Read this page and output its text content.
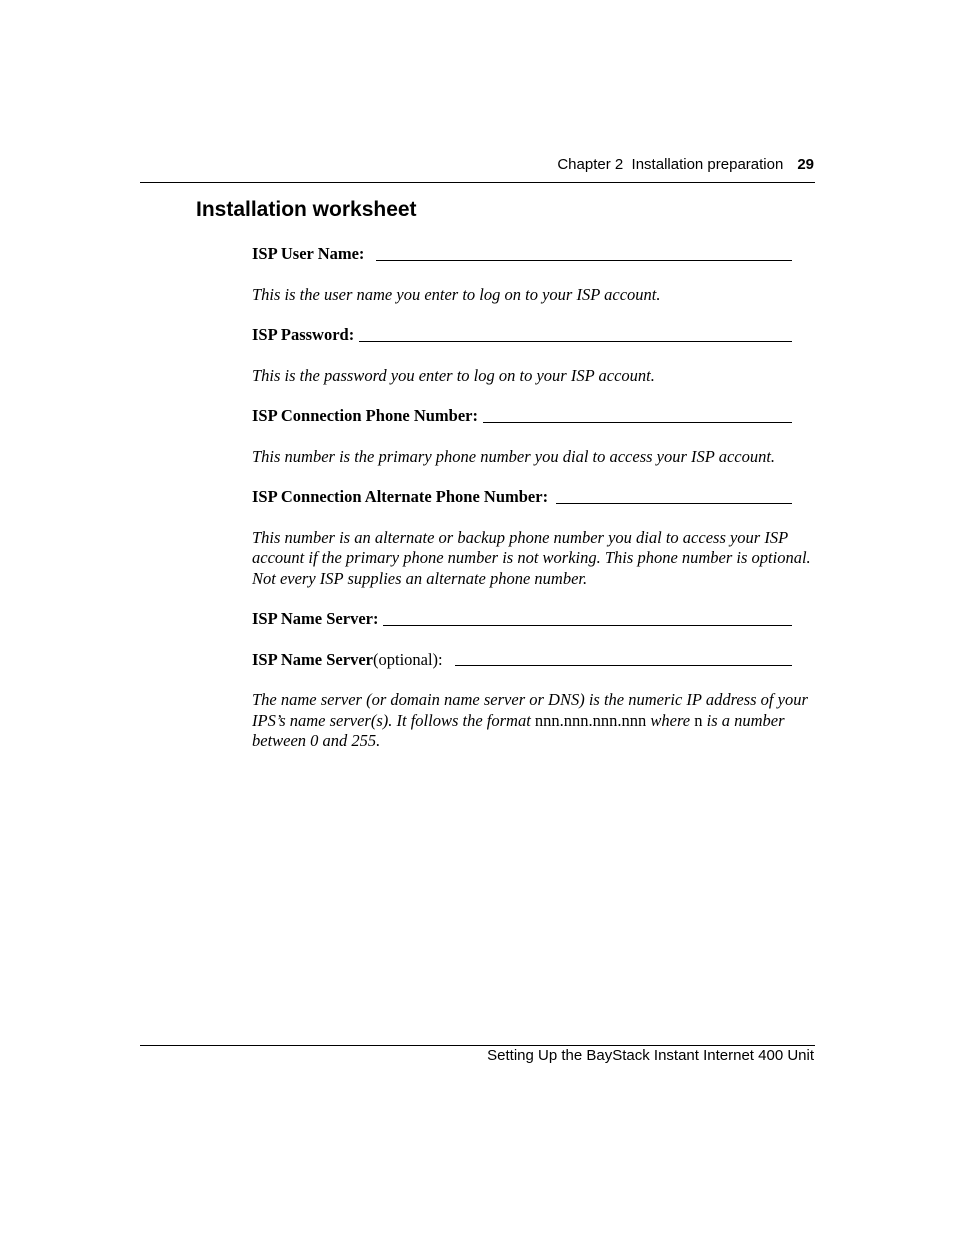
Chapter 2 Installation preparation 29
Installation worksheet
ISP User Name:

This is the user name you enter to log on to your ISP account.

ISP Password:

This is the password you enter to log on to your ISP account.

ISP Connection Phone Number:

This number is the primary phone number you dial to access your ISP account.

ISP Connection Alternate Phone Number:

This number is an alternate or backup phone number you dial to access your ISP account if the primary phone number is not working. This phone number is optional. Not every ISP supplies an alternate phone number.

ISP Name Server:
ISP Name Server (optional):

The name server (or domain name server or DNS) is the numeric IP address of your IPS’s name server(s). It follows the format nnn.nnn.nnn.nnn where n is a number between 0 and 255.

Setting Up the BayStack Instant Internet 400 Unit
